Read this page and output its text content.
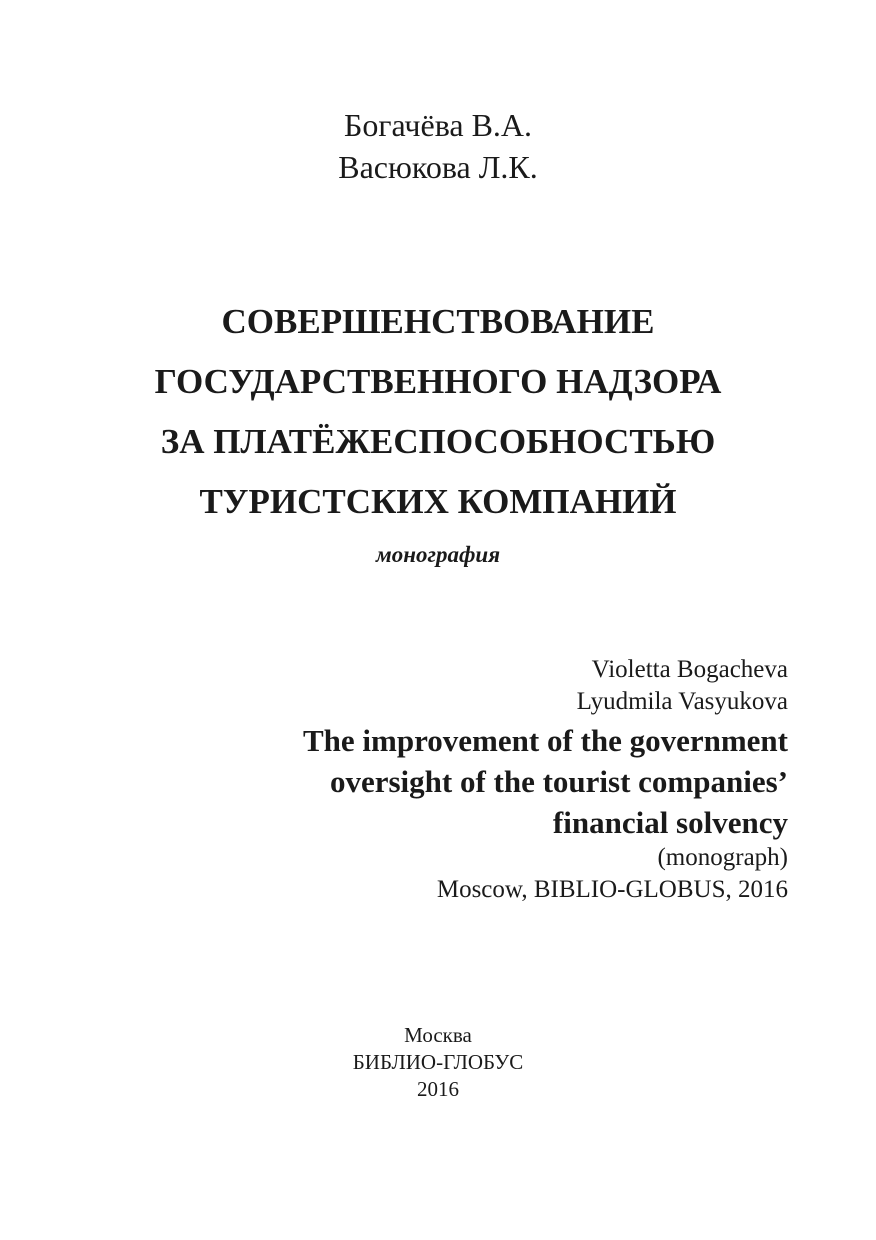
Богачёва В.А.
Васюкова Л.К.
СОВЕРШЕНСТВОВАНИЕ
ГОСУДАРСТВЕННОГО НАДЗОРА
ЗА ПЛАТЁЖЕСПОСОБНОСТЬЮ
ТУРИСТСКИХ КОМПАНИЙ
монография
Violetta Bogacheva
Lyudmila Vasyukova
The improvement of the government
oversight of the tourist companies’
financial solvency
(monograph)
Moscow, BIBLIO-GLOBUS, 2016
Москва
БИБЛИО-ГЛОБУС
2016
